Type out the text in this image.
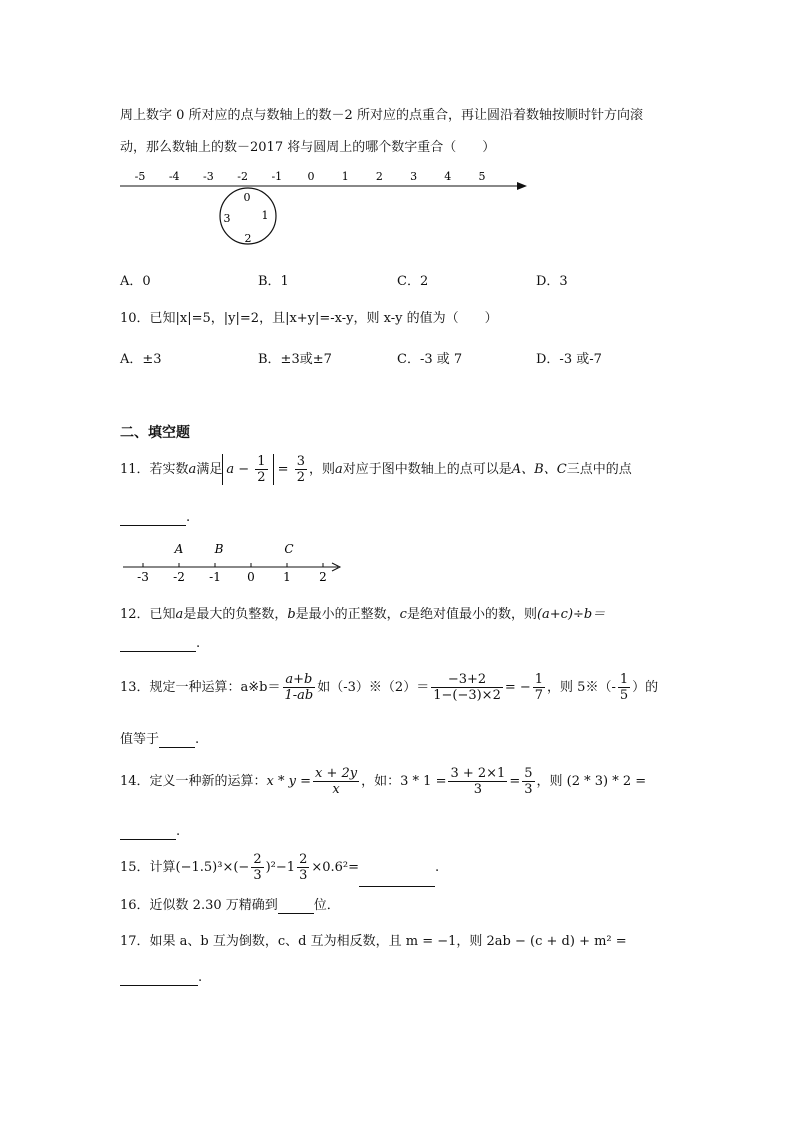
周上数字 0 所对应的点与数轴上的数－2 所对应的点重合，再让圆沿着数轴按顺时针方向滚
动，那么数轴上的数－2017 将与圆周上的哪个数字重合（　　）
-5 -4 -3 -2 -1 0 1 2 3 4 5
0
1
2
3
A．0	B．1	C．2	D．3
10．已知|x|=5，|y|=2，且|x+y|=-x-y，则 x-y 的值为（　　）
A．±3	B．±3或±7	C．-3 或 7	D．-3 或-7
二、填空题
11．若实数a满足 $a - \frac{1}{2} = \frac{3}{2}$ ，则a对应于图中数轴上的点可以是A、B、C三点中的点
.
-3 -2 -1 0 1 2
A	B	C
12．已知a是最大的负整数，b是最小的正整数，c是绝对值最小的数，则(a+c)÷b＝
.
13．规定一种运算：a※b＝ $\frac{a+b}{1-ab}$ 如（-3）※（2）＝ $\frac{-3+2}{1-(-3)\times 2}$ = − $\frac{1}{7}$ ，则 5※（- $\frac{1}{5}$ ）的
值等于	.
14．定义一种新的运算：$x * y = \frac{x + 2y}{x}$ ，如：$3 * 1 = \frac{3 + 2\times 1}{3} = \frac{5}{3}$ ，则 (2 * 3) * 2 =
.
15．计算$(-1.5)^3\times(- \frac{2}{3} )^2-1 \frac{2}{3} \times 0.6^2=$	.
16．近似数 2.30 万精确到	位．
17．如果 a、b 互为倒数，c、d 互为相反数，且 m = −1，则 2ab − (c + d) + m² =
.
